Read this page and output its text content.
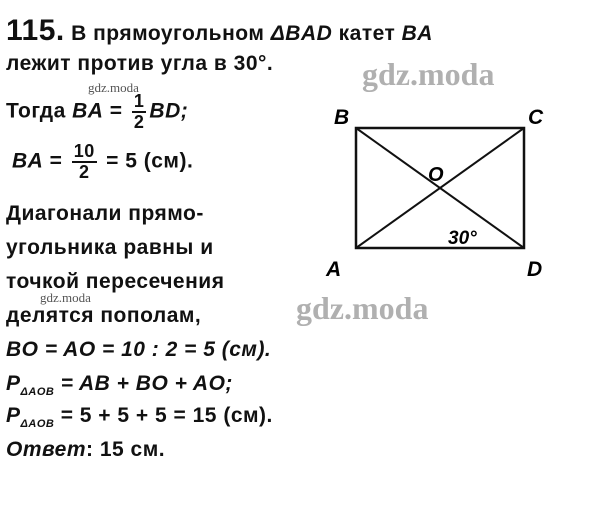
115. В прямоугольном ΔBAD катет BA
лежит против угла в 30°.
Тогда BA = $\frac{1}{2}$ BD;
BA = $\frac{10}{2} = 5$ (см).
Диагонали прямо-
угольника равны и
точкой пересечения
делятся пополам,
BO = AO = 10 : 2 = 5 (см).
$P_{\Delta AOB}$ = AB + BO + AO;
$P_{\Delta AOB} = 5 + 5 + 5 = 15$ (см).
Ответ: 15 см.
B	C
A	D
O
30°
gdz.moda
gdz.moda
gdz.moda
gdz.moda
